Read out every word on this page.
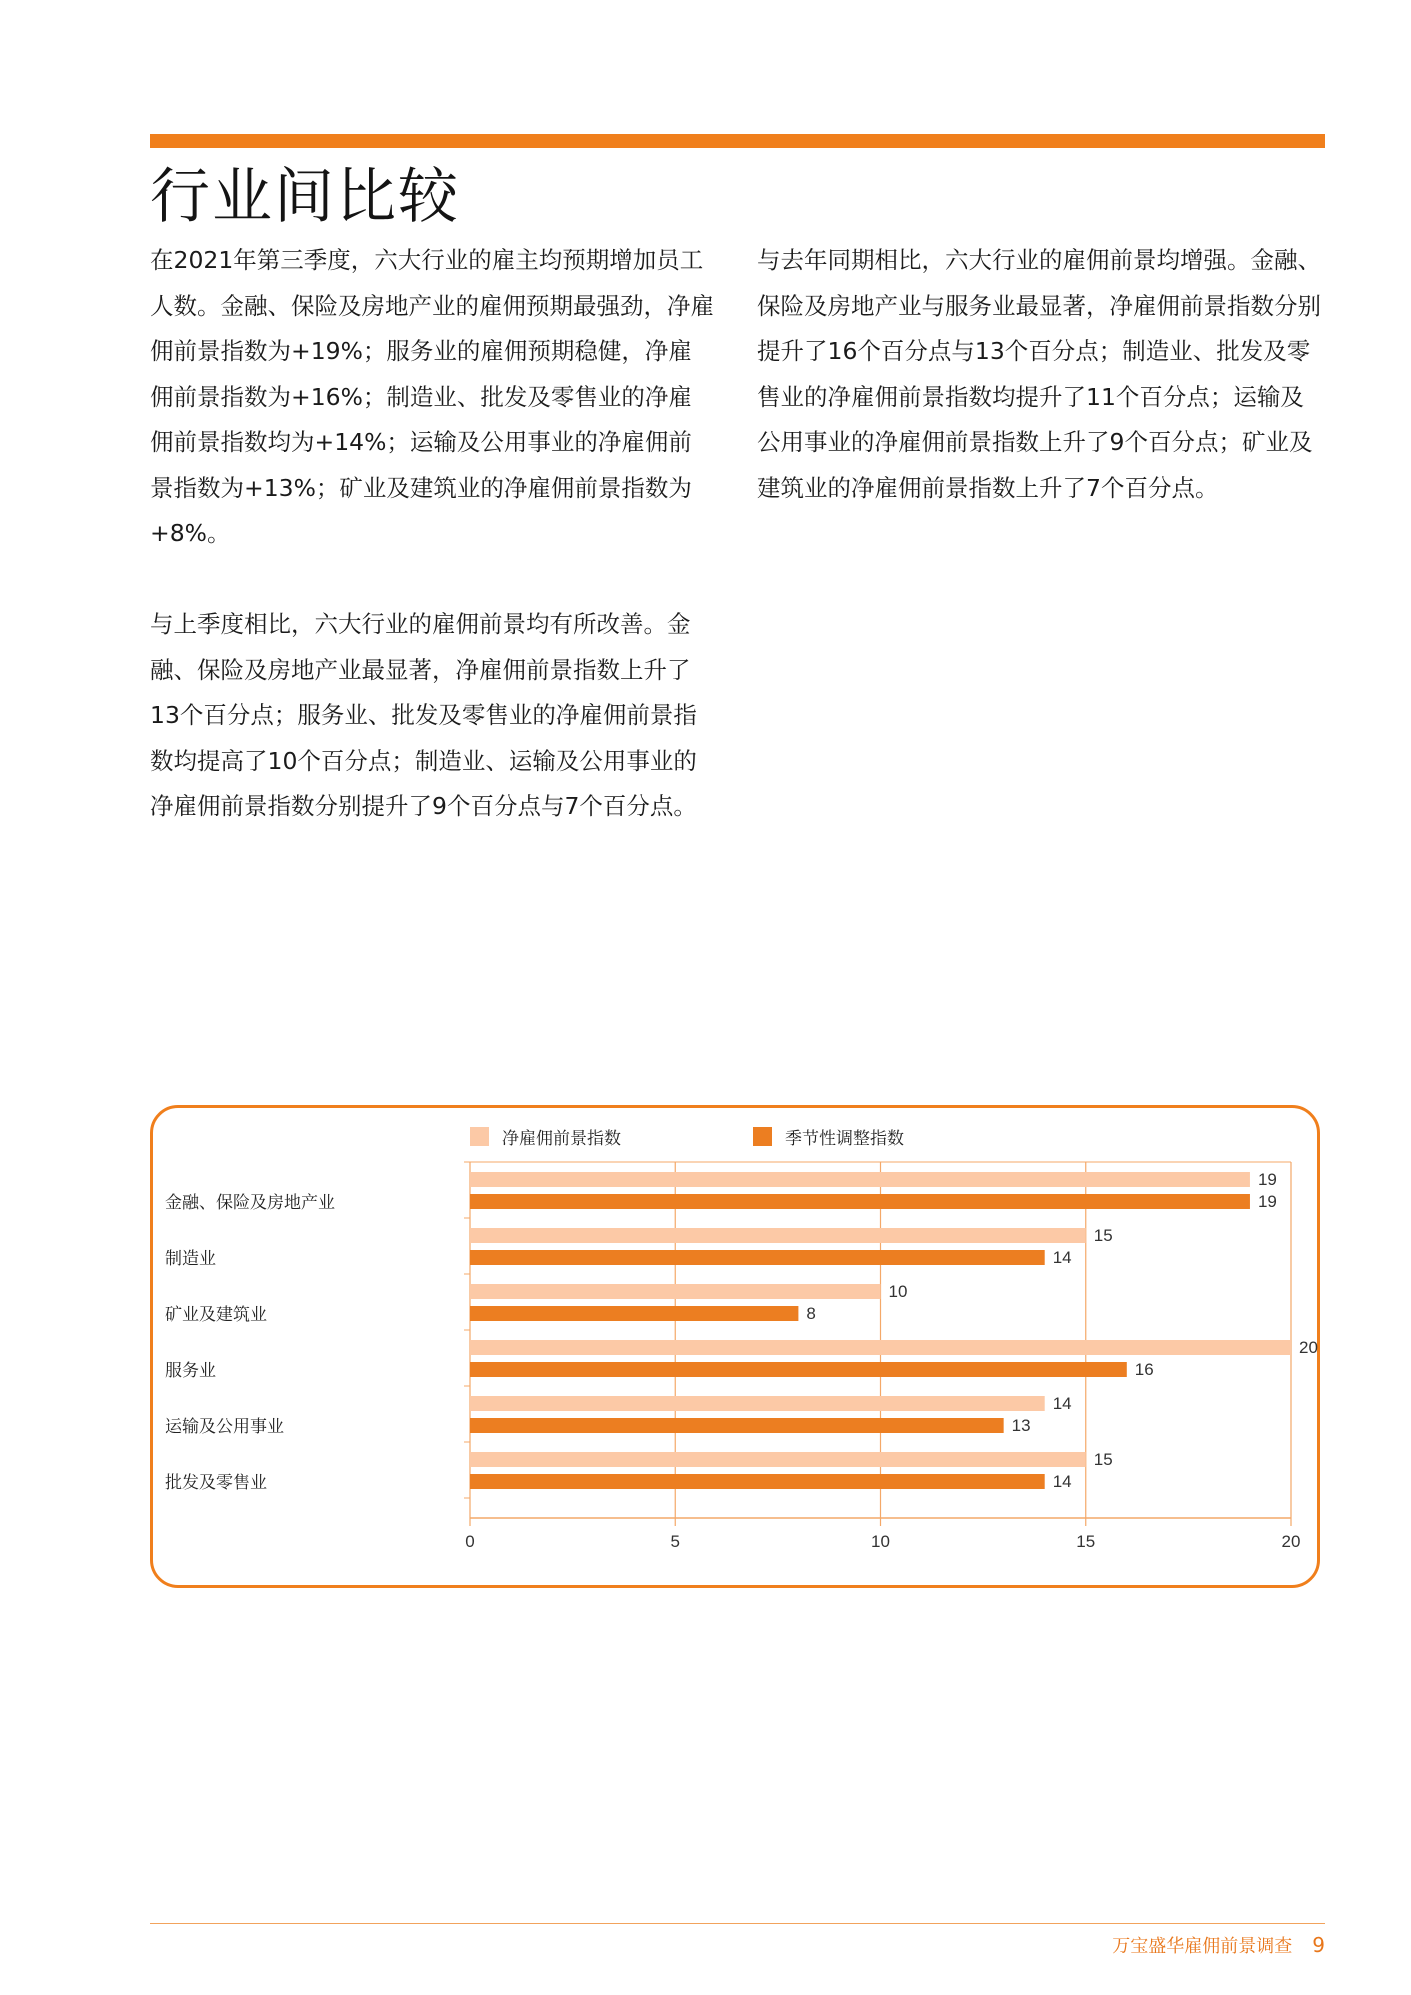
行业间比较

在2021年第三季度，六大行业的雇主均预期增加员工人数。金融、保险及房地产业的雇佣预期最强劲，净雇佣前景指数为+19%；服务业的雇佣预期稳健，净雇佣前景指数为+16%；制造业、批发及零售业的净雇佣前景指数均为+14%；运输及公用事业的净雇佣前景指数为+13%；矿业及建筑业的净雇佣前景指数为+8%。

与上季度相比，六大行业的雇佣前景均有所改善。金融、保险及房地产业最显著，净雇佣前景指数上升了13个百分点；服务业、批发及零售业的净雇佣前景指数均提高了10个百分点；制造业、运输及公用事业的净雇佣前景指数分别提升了9个百分点与7个百分点。

与去年同期相比，六大行业的雇佣前景均增强。金融、保险及房地产业与服务业最显著，净雇佣前景指数分别提升了16个百分点与13个百分点；制造业、批发及零售业的净雇佣前景指数均提升了11个百分点；运输及公用事业的净雇佣前景指数上升了9个百分点；矿业及建筑业的净雇佣前景指数上升了7个百分点。

净雇佣前景指数	季节性调整指数
0	5	10	15	20
19
19
金融、保险及房地产业
15
14
制造业
10
8
矿业及建筑业
20
16
服务业
14
13
运输及公用事业
15
14
批发及零售业
万宝盛华雇佣前景调查 9
